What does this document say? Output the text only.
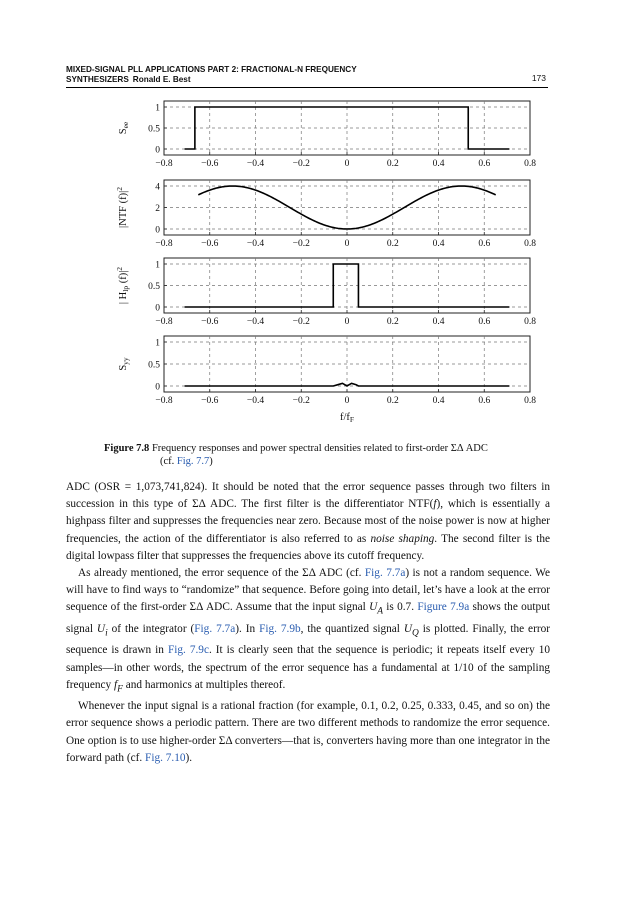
MIXED-SIGNAL PLL APPLICATIONS PART 2: FRACTIONAL-N FREQUENCY
SYNTHESIZERS Ronald E. Best	173
−0.8	−0.6	−0.4	−0.2	0	0.2	0.4	0.6	0.8
0
0.5
1
See
−0.8	−0.6	−0.4	−0.2	0	0.2	0.4	0.6	0.8
0
2
4
|NTF $(f)|^2$
−0.8	−0.6	−0.4	−0.2	0	0.2	0.4	0.6	0.8
0
0.5
1
| Hlp $(f)|^2$
−0.8	−0.6	−0.4	−0.2	0	0.2	0.4	0.6	0.8
0
0.5
1
Syy
f/fF
Figure 7.8 Frequency responses and power spectral densities related to first-order ΣΔ ADC
(cf. Fig. 7.7)

ADC (OSR = 1,073,741,824). It should be noted that the error sequence passes through two filters in succession in this type of ΣΔ ADC. The first filter is the differentiator NTF(f), which is essentially a highpass filter and suppresses the frequencies near zero. Because most of the noise power is now at higher frequencies, the action of the differentiator is also referred to as noise shaping. The second filter is the digital lowpass filter that suppresses the frequencies above its cutoff frequency.

As already mentioned, the error sequence of the ΣΔ ADC (cf. Fig. 7.7a) is not a random sequence. We will have to find ways to “randomize” that sequence. Before going into detail, let’s have a look at the error sequence of the first-order ΣΔ ADC. Assume that the input signal $U_A$ is 0.7. Figure 7.9a shows the output signal $U_i$ of the integrator (Fig. 7.7a). In Fig. 7.9b, the quantized signal $U_Q$ is plotted. Finally, the error sequence is drawn in Fig. 7.9c. It is clearly seen that the sequence is periodic; it repeats itself every 10 samples—in other words, the spectrum of the error sequence has a fundamental at 1/10 of the sampling frequency $f_F$ and harmonics at multiples thereof.

Whenever the input signal is a rational fraction (for example, 0.1, 0.2, 0.25, 0.333, 0.45, and so on) the error sequence shows a periodic pattern. There are two different methods to randomize the error sequence. One option is to use higher-order ΣΔ converters—that is, converters having more than one integrator in the forward path (cf. Fig. 7.10).
